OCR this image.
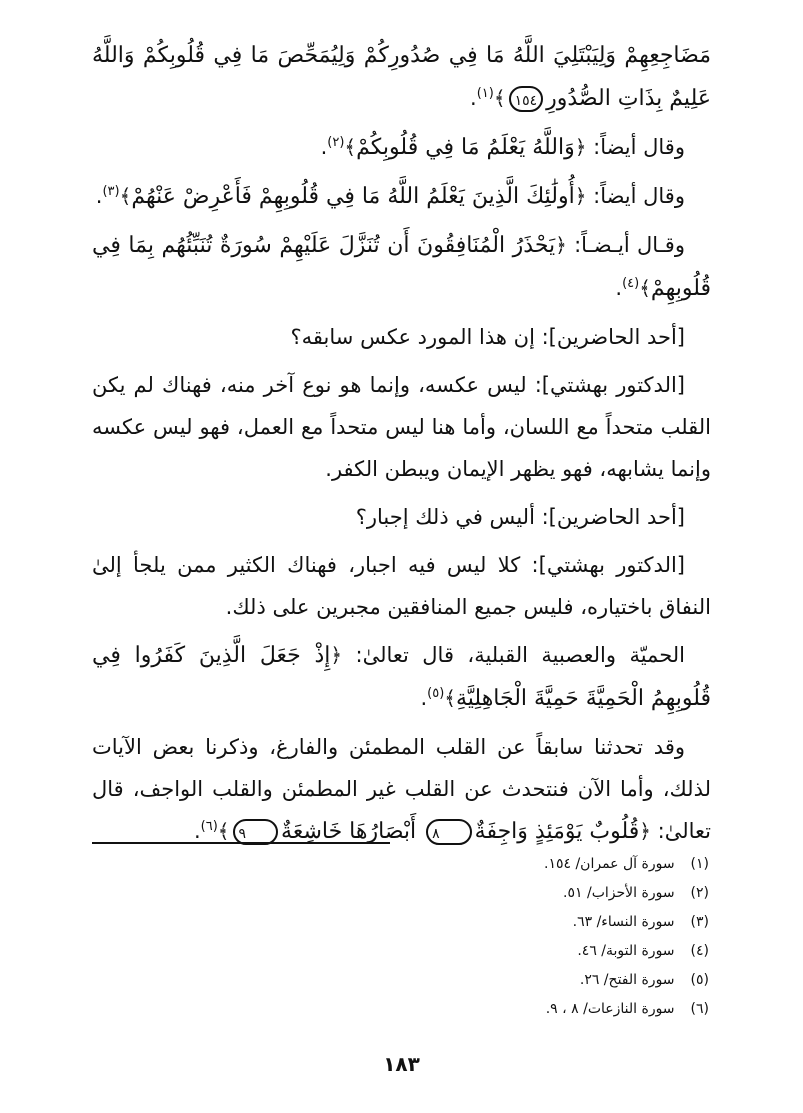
مَضَاجِعِهِمْ وَلِيَبْتَلِيَ اللَّهُ مَا فِي صُدُورِكُمْ وَلِيُمَحِّصَ مَا فِي قُلُوبِكُمْ وَاللَّهُ عَلِيمٌ بِذَاتِ الصُّدُورِ١٥٤﴾$^{(١)}$.

وقال أيضاً: ﴿وَاللَّهُ يَعْلَمُ مَا فِي قُلُوبِكُمْ﴾$^{(٢)}$.

وقال أيضاً: ﴿أُولَٰئِكَ الَّذِينَ يَعْلَمُ اللَّهُ مَا فِي قُلُوبِهِمْ فَأَعْرِضْ عَنْهُمْ﴾$^{(٣)}$.

وقـال أيـضـاً: ﴿يَحْذَرُ الْمُنَافِقُونَ أَن تُنَزَّلَ عَلَيْهِمْ سُورَةٌ تُنَبِّئُهُم بِمَا فِي قُلُوبِهِمْ﴾$^{(٤)}$.

[أحد الحاضرين]: إن هذا المورد عكس سابقه؟

[الدكتور بهشتي]: ليس عكسه، وإنما هو نوع آخر منه، فهناك لم يكن القلب متحداً مع اللسان، وأما هنا ليس متحداً مع العمل، فهو ليس عكسه وإنما يشابهه، فهو يظهر الإيمان ويبطن الكفر.

[أحد الحاضرين]: أليس في ذلك إجبار؟

[الدكتور بهشتي]: كلا ليس فيه اجبار، فهناك الكثير ممن يلجأ إلىٰ النفاق باختياره، فليس جميع المنافقين مجبرين على ذلك.

الحميّة والعصبية القبلية، قال تعالىٰ: ﴿إِذْ جَعَلَ الَّذِينَ كَفَرُوا فِي قُلُوبِهِمُ الْحَمِيَّةَ حَمِيَّةَ الْجَاهِلِيَّةِ﴾$^{(٥)}$.

وقد تحدثنا سابقاً عن القلب المطمئن والفارغ، وذكرنا بعض الآيات لذلك، وأما الآن فنتحدث عن القلب غير المطمئن والقلب الواجف، قال تعالىٰ: ﴿قُلُوبٌ يَوْمَئِذٍ وَاجِفَةٌ٨ أَبْصَارُهَا خَاشِعَةٌ٩﴾$^{(٦)}$.

(١) سورة آل عمران/ ١٥٤.

(٢) سورة الأحزاب/ ٥١.

(٣) سورة النساء/ ٦٣.

(٤) سورة التوبة/ ٤٦.

(٥) سورة الفتح/ ٢٦.

(٦) سورة النازعات/ ٨ ، ٩.

١٨٣
